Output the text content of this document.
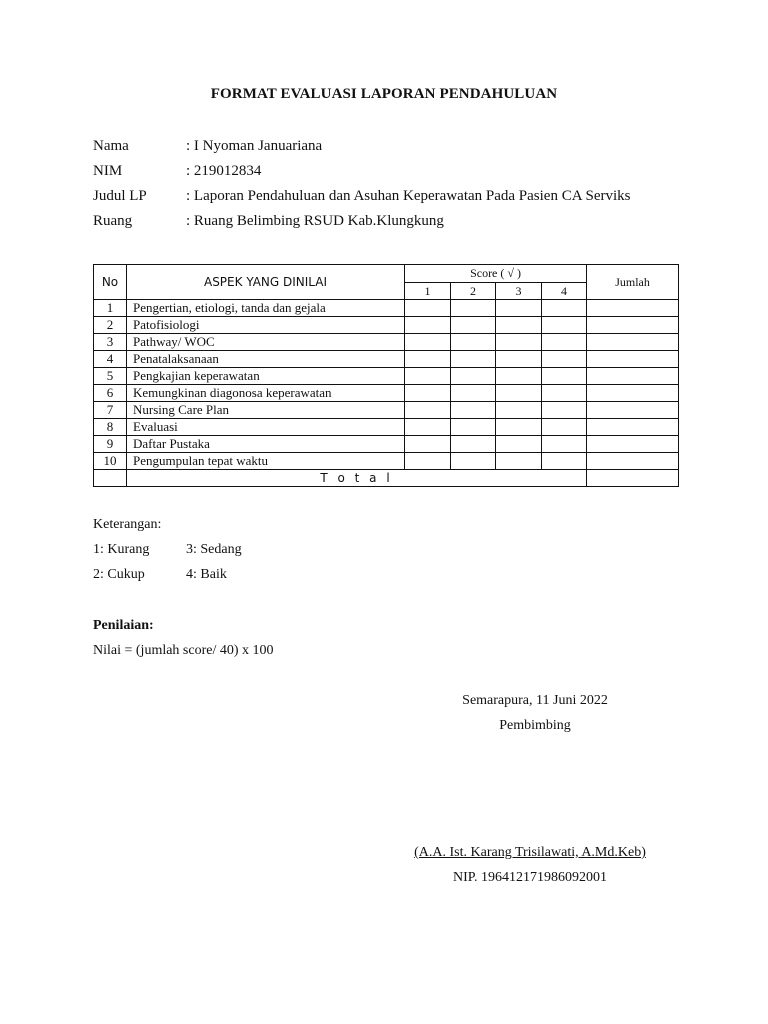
FORMAT EVALUASI LAPORAN PENDAHULUAN
Nama	: I Nyoman Januariana
NIM	: 219012834
Judul LP	: Laporan Pendahuluan dan Asuhan Keperawatan Pada Pasien CA Serviks
Ruang	: Ruang Belimbing RSUD Kab.Klungkung
No	ASPEK YANG DINILAI	Score ( √ )				Jumlah
		1	2	3	4	
1	Pengertian, etiologi, tanda dan gejala					
2	Patofisiologi					
3	Pathway/ WOC					
4	Penatalaksanaan					
5	Pengkajian keperawatan					
6	Kemungkinan diagonosa keperawatan					
7	Nursing Care Plan					
8	Evaluasi					
9	Daftar Pustaka					
10	Pengumpulan tepat waktu					
	T o t a l					
Keterangan:
1: Kurang	3: Sedang
2: Cukup	4: Baik
Penilaian:
Nilai = (jumlah score/ 40) x 100
Semarapura, 11 Juni 2022
Pembimbing
(A.A. Ist. Karang Trisilawati, A.Md.Keb)
NIP. 196412171986092001
